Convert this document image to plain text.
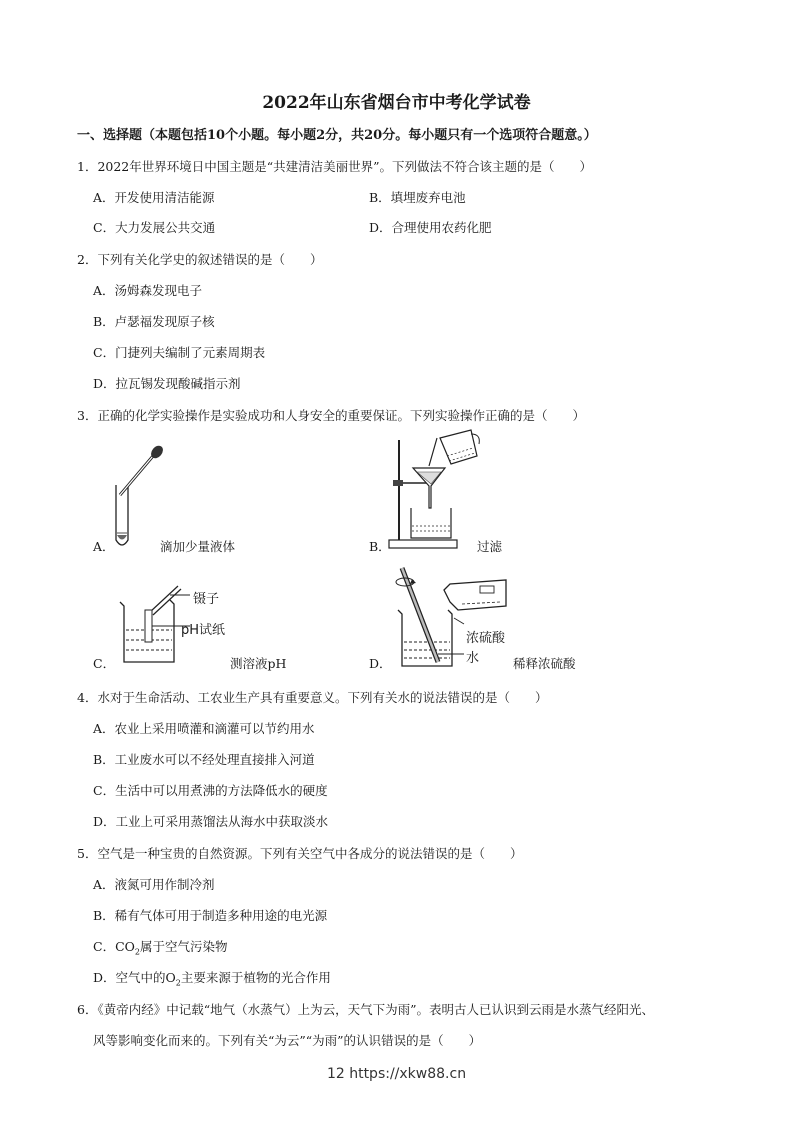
2022年山东省烟台市中考化学试卷
一、选择题（本题包括10个小题。每小题2分，共20分。每小题只有一个选项符合题意。）
1．2022年世界环境日中国主题是“共建清洁美丽世界”。下列做法不符合该主题的是（　　）
A．开发使用清洁能源	B．填埋废弃电池
C．大力发展公共交通	D．合理使用农药化肥
2．下列有关化学史的叙述错误的是（　　）
A．汤姆森发现电子
B．卢瑟福发现原子核
C．门捷列夫编制了元素周期表
D．拉瓦锡发现酸碱指示剂
3．正确的化学实验操作是实验成功和人身安全的重要保证。下列实验操作正确的是（　　）
A．	滴加少量液体	B．	过滤
镊子
pH试纸
C．	测溶液pH
浓硫酸
水
D．	稀释浓硫酸
4．水对于生命活动、工农业生产具有重要意义。下列有关水的说法错误的是（　　）
A．农业上采用喷灌和滴灌可以节约用水
B．工业废水可以不经处理直接排入河道
C．生活中可以用煮沸的方法降低水的硬度
D．工业上可采用蒸馏法从海水中获取淡水
5．空气是一种宝贵的自然资源。下列有关空气中各成分的说法错误的是（　　）
A．液氮可用作制冷剂
B．稀有气体可用于制造多种用途的电光源
C．$CO_2$属于空气污染物
D．空气中的$O_2$主要来源于植物的光合作用
6．《黄帝内经》中记载“地气（水蒸气）上为云，天气下为雨”。表明古人已认识到云雨是水蒸气经阳光、
风等影响变化而来的。下列有关“为云”“为雨”的认识错误的是（　　）
12 https://xkw88.cn
